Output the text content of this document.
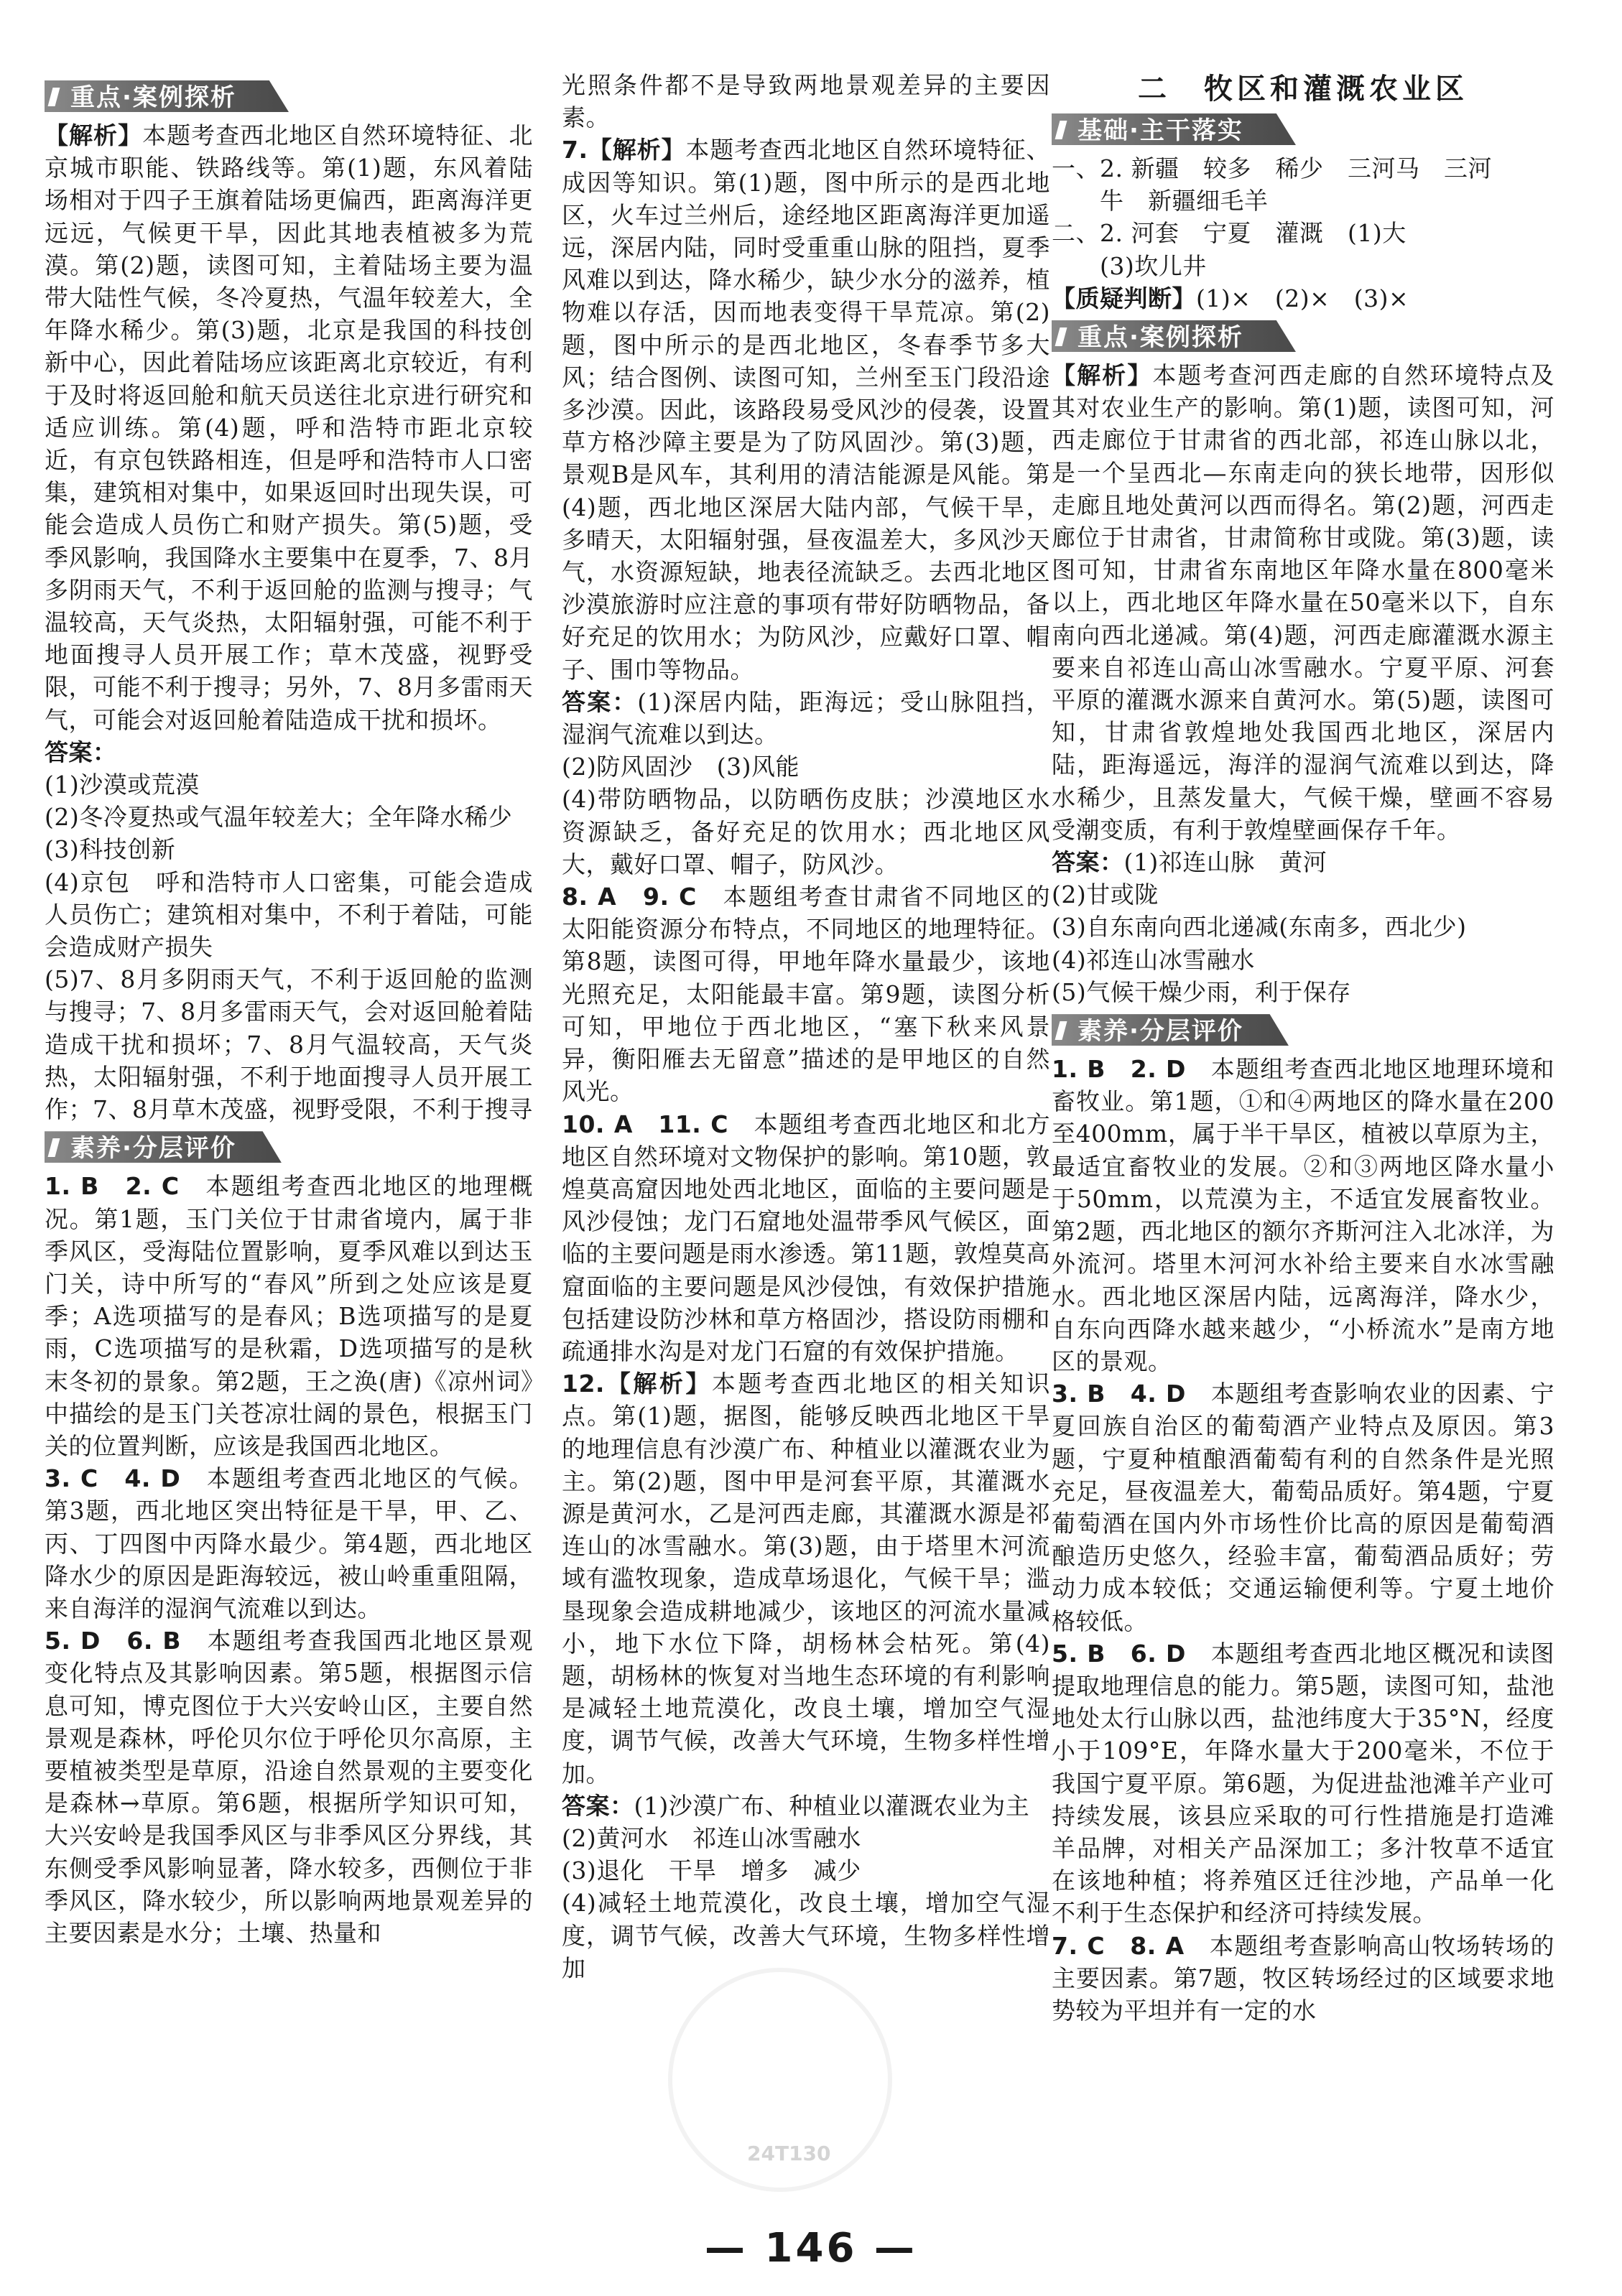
重点·案例探析

【解析】本题考查西北地区自然环境特征、北京城市职能、铁路线等。第(1)题，东风着陆场相对于四子王旗着陆场更偏西，距离海洋更远远，气候更干旱，因此其地表植被多为荒漠。第(2)题，读图可知，主着陆场主要为温带大陆性气候，冬冷夏热，气温年较差大，全年降水稀少。第(3)题，北京是我国的科技创新中心，因此着陆场应该距离北京较近，有利于及时将返回舱和航天员送往北京进行研究和适应训练。第(4)题，呼和浩特市距北京较近，有京包铁路相连，但是呼和浩特市人口密集，建筑相对集中，如果返回时出现失误，可能会造成人员伤亡和财产损失。第(5)题，受季风影响，我国降水主要集中在夏季，7、8月多阴雨天气，不利于返回舱的监测与搜寻；气温较高，天气炎热，太阳辐射强，可能不利于地面搜寻人员开展工作；草木茂盛，视野受限，可能不利于搜寻；另外，7、8月多雷雨天气，可能会对返回舱着陆造成干扰和损坏。

答案：

(1)沙漠或荒漠

(2)冬冷夏热或气温年较差大；全年降水稀少

(3)科技创新

(4)京包　呼和浩特市人口密集，可能会造成人员伤亡；建筑相对集中，不利于着陆，可能会造成财产损失

(5)7、8月多阴雨天气，不利于返回舱的监测与搜寻；7、8月多雷雨天气，会对返回舱着陆造成干扰和损坏；7、8月气温较高，天气炎热，太阳辐射强，不利于地面搜寻人员开展工作；7、8月草木茂盛，视野受限，不利于搜寻

素养·分层评价

1. B　2. C　 本题组考查西北地区的地理概况。第1题，玉门关位于甘肃省境内，属于非季风区，受海陆位置影响，夏季风难以到达玉门关，诗中所写的“春风”所到之处应该是夏季；A选项描写的是春风；B选项描写的是夏雨，C选项描写的是秋霜，D选项描写的是秋末冬初的景象。第2题，王之涣(唐)《凉州词》中描绘的是玉门关苍凉壮阔的景色，根据玉门关的位置判断，应该是我国西北地区。

3. C　4. D　 本题组考查西北地区的气候。第3题，西北地区突出特征是干旱，甲、乙、丙、丁四图中丙降水最少。第4题，西北地区降水少的原因是距海较远，被山岭重重阻隔，来自海洋的湿润气流难以到达。

5. D　6. B　 本题组考查我国西北地区景观变化特点及其影响因素。第5题，根据图示信息可知，博克图位于大兴安岭山区，主要自然景观是森林，呼伦贝尔位于呼伦贝尔高原，主要植被类型是草原，沿途自然景观的主要变化是森林→草原。第6题，根据所学知识可知，大兴安岭是我国季风区与非季风区分界线，其东侧受季风影响显著，降水较多，西侧位于非季风区，降水较少，所以影响两地景观差异的主要因素是水分；土壤、热量和

光照条件都不是导致两地景观差异的主要因素。

7.【解析】本题考查西北地区自然环境特征、成因等知识。第(1)题，图中所示的是西北地区，火车过兰州后，途经地区距离海洋更加遥远，深居内陆，同时受重重山脉的阻挡，夏季风难以到达，降水稀少，缺少水分的滋养，植物难以存活，因而地表变得干旱荒凉。第(2)题，图中所示的是西北地区，冬春季节多大风；结合图例、读图可知，兰州至玉门段沿途多沙漠。因此，该路段易受风沙的侵袭，设置草方格沙障主要是为了防风固沙。第(3)题，景观B是风车，其利用的清洁能源是风能。第(4)题，西北地区深居大陆内部，气候干旱，多晴天，太阳辐射强，昼夜温差大，多风沙天气，水资源短缺，地表径流缺乏。去西北地区沙漠旅游时应注意的事项有带好防晒物品，备好充足的饮用水；为防风沙，应戴好口罩、帽子、围巾等物品。

答案：(1)深居内陆，距海远；受山脉阻挡，湿润气流难以到达。

(2)防风固沙　(3)风能

(4)带防晒物品，以防晒伤皮肤；沙漠地区水资源缺乏，备好充足的饮用水；西北地区风大，戴好口罩、帽子，防风沙。

8. A　9. C　 本题组考查甘肃省不同地区的太阳能资源分布特点，不同地区的地理特征。第8题，读图可得，甲地年降水量最少，该地光照充足，太阳能最丰富。第9题，读图分析可知，甲地位于西北地区，“塞下秋来风景异，衡阳雁去无留意”描述的是甲地区的自然风光。

10. A　11. C　 本题组考查西北地区和北方地区自然环境对文物保护的影响。第10题，敦煌莫高窟因地处西北地区，面临的主要问题是风沙侵蚀；龙门石窟地处温带季风气候区，面临的主要问题是雨水渗透。第11题，敦煌莫高窟面临的主要问题是风沙侵蚀，有效保护措施包括建设防沙林和草方格固沙，搭设防雨棚和疏通排水沟是对龙门石窟的有效保护措施。

12.【解析】本题考查西北地区的相关知识点。第(1)题，据图，能够反映西北地区干旱的地理信息有沙漠广布、种植业以灌溉农业为主。第(2)题，图中甲是河套平原，其灌溉水源是黄河水，乙是河西走廊，其灌溉水源是祁连山的冰雪融水。第(3)题，由于塔里木河流域有滥牧现象，造成草场退化，气候干旱；滥垦现象会造成耕地减少，该地区的河流水量减小，地下水位下降，胡杨林会枯死。第(4)题，胡杨林的恢复对当地生态环境的有利影响是减轻土地荒漠化，改良土壤，增加空气湿度，调节气候，改善大气环境，生物多样性增加。

答案：(1)沙漠广布、种植业以灌溉农业为主

(2)黄河水　祁连山冰雪融水

(3)退化　干旱　增多　减少

(4)减轻土地荒漠化，改良土壤，增加空气湿度，调节气候，改善大气环境，生物多样性增加

二　牧区和灌溉农业区
基础·主干落实

一、2. 新疆　较多　稀少　三河马　三河

　　牛　新疆细毛羊

二、2. 河套　宁夏　灌溉　(1)大

　　(3)坎儿井

【质疑判断】(1)×　(2)×　(3)×

重点·案例探析

【解析】本题考查河西走廊的自然环境特点及其对农业生产的影响。第(1)题，读图可知，河西走廊位于甘肃省的西北部，祁连山脉以北，是一个呈西北—东南走向的狭长地带，因形似走廊且地处黄河以西而得名。第(2)题，河西走廊位于甘肃省，甘肃简称甘或陇。第(3)题，读图可知，甘肃省东南地区年降水量在800毫米以上，西北地区年降水量在50毫米以下，自东南向西北递减。第(4)题，河西走廊灌溉水源主要来自祁连山高山冰雪融水。宁夏平原、河套平原的灌溉水源来自黄河水。第(5)题，读图可知，甘肃省敦煌地处我国西北地区，深居内陆，距海遥远，海洋的湿润气流难以到达，降水稀少，且蒸发量大，气候干燥，壁画不容易受潮变质，有利于敦煌壁画保存千年。

答案：(1)祁连山脉　黄河

(2)甘或陇

(3)自东南向西北递减(东南多，西北少)

(4)祁连山冰雪融水

(5)气候干燥少雨，利于保存

素养·分层评价

1. B　2. D　 本题组考查西北地区地理环境和畜牧业。第1题，①和④两地区的降水量在200至400mm，属于半干旱区，植被以草原为主，最适宜畜牧业的发展。②和③两地区降水量小于50mm，以荒漠为主，不适宜发展畜牧业。第2题，西北地区的额尔齐斯河注入北冰洋，为外流河。塔里木河河水补给主要来自水冰雪融水。西北地区深居内陆，远离海洋，降水少，自东向西降水越来越少，“小桥流水”是南方地区的景观。

3. B　4. D　 本题组考查影响农业的因素、宁夏回族自治区的葡萄酒产业特点及原因。第3题，宁夏种植酿酒葡萄有利的自然条件是光照充足，昼夜温差大，葡萄品质好。第4题，宁夏葡萄酒在国内外市场性价比高的原因是葡萄酒酿造历史悠久，经验丰富，葡萄酒品质好；劳动力成本较低；交通运输便利等。宁夏土地价格较低。

5. B　6. D　 本题组考查西北地区概况和读图提取地理信息的能力。第5题，读图可知，盐池地处太行山脉以西，盐池纬度大于35°N，经度小于109°E，年降水量大于200毫米，不位于我国宁夏平原。第6题，为促进盐池滩羊产业可持续发展，该县应采取的可行性措施是打造滩羊品牌，对相关产品深加工；多汁牧草不适宜在该地种植；将养殖区迁往沙地，产品单一化不利于生态保护和经济可持续发展。

7. C　8. A　 本题组考查影响高山牧场转场的主要因素。第7题，牧区转场经过的区域要求地势较为平坦并有一定的水

24T130
— 146 —
